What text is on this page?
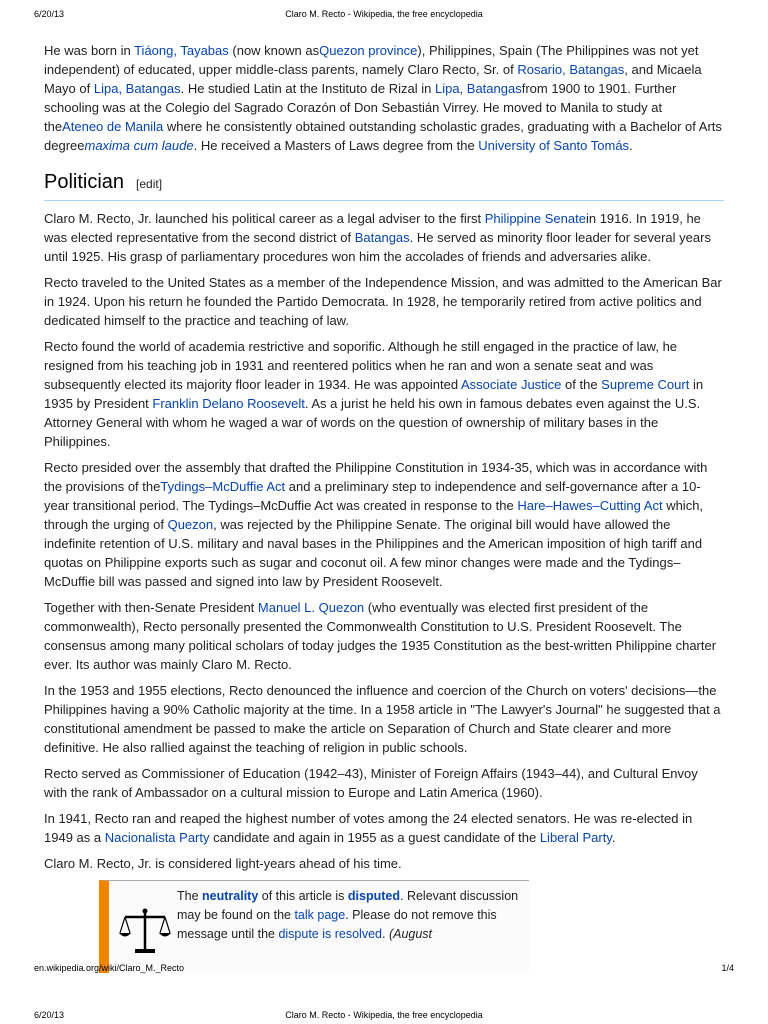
6/20/13	Claro M. Recto - Wikipedia, the free encyclopedia

He was born in Tiáong, Tayabas (now known asQuezon province), Philippines, Spain (The Philippines was not yet independent) of educated, upper middle-class parents, namely Claro Recto, Sr. of Rosario, Batangas, and Micaela Mayo of Lipa, Batangas. He studied Latin at the Instituto de Rizal in Lipa, Batangasfrom 1900 to 1901. Further schooling was at the Colegio del Sagrado Corazón of Don Sebastián Virrey. He moved to Manila to study at theAteneo de Manila where he consistently obtained outstanding scholastic grades, graduating with a Bachelor of Arts degreemaxima cum laude. He received a Masters of Laws degree from the University of Santo Tomás.

Politician [edit]

Claro M. Recto, Jr. launched his political career as a legal adviser to the first Philippine Senatein 1916. In 1919, he was elected representative from the second district of Batangas. He served as minority floor leader for several years until 1925. His grasp of parliamentary procedures won him the accolades of friends and adversaries alike.

Recto traveled to the United States as a member of the Independence Mission, and was admitted to the American Bar in 1924. Upon his return he founded the Partido Democrata. In 1928, he temporarily retired from active politics and dedicated himself to the practice and teaching of law.

Recto found the world of academia restrictive and soporific. Although he still engaged in the practice of law, he resigned from his teaching job in 1931 and reentered politics when he ran and won a senate seat and was subsequently elected its majority floor leader in 1934. He was appointed Associate Justice of the Supreme Court in 1935 by President Franklin Delano Roosevelt. As a jurist he held his own in famous debates even against the U.S. Attorney General with whom he waged a war of words on the question of ownership of military bases in the Philippines.

Recto presided over the assembly that drafted the Philippine Constitution in 1934-35, which was in accordance with the provisions of theTydings–McDuffie Act and a preliminary step to independence and self-governance after a 10-year transitional period. The Tydings–McDuffie Act was created in response to the Hare–Hawes–Cutting Act which, through the urging of Quezon, was rejected by the Philippine Senate. The original bill would have allowed the indefinite retention of U.S. military and naval bases in the Philippines and the American imposition of high tariff and quotas on Philippine exports such as sugar and coconut oil. A few minor changes were made and the Tydings–McDuffie bill was passed and signed into law by President Roosevelt.

Together with then-Senate President Manuel L. Quezon (who eventually was elected first president of the commonwealth), Recto personally presented the Commonwealth Constitution to U.S. President Roosevelt. The consensus among many political scholars of today judges the 1935 Constitution as the best-written Philippine charter ever. Its author was mainly Claro M. Recto.

In the 1953 and 1955 elections, Recto denounced the influence and coercion of the Church on voters' decisions—the Philippines having a 90% Catholic majority at the time. In a 1958 article in "The Lawyer's Journal" he suggested that a constitutional amendment be passed to make the article on Separation of Church and State clearer and more definitive. He also rallied against the teaching of religion in public schools.

Recto served as Commissioner of Education (1942–43), Minister of Foreign Affairs (1943–44), and Cultural Envoy with the rank of Ambassador on a cultural mission to Europe and Latin America (1960).

In 1941, Recto ran and reaped the highest number of votes among the 24 elected senators. He was re-elected in 1949 as a Nacionalista Party candidate and again in 1955 as a guest candidate of the Liberal Party.

Claro M. Recto, Jr. is considered light-years ahead of his time.

The neutrality of this article is disputed. Relevant discussion may be found on the talk page. Please do not remove this message until the dispute is resolved. (August
en.wikipedia.org/wiki/Claro_M._Recto	1/4
6/20/13	Claro M. Recto - Wikipedia, the free encyclopedia
